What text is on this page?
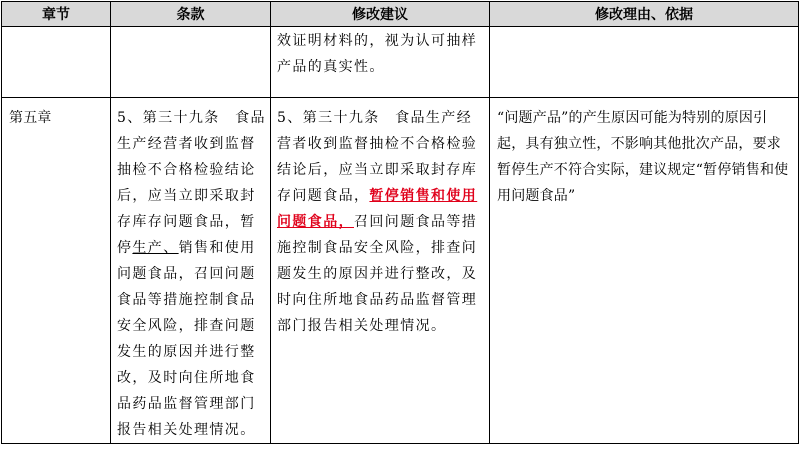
章节	条款	修改建议	修改理由、依据

		效证明材料的，视为认可抽样产品的真实性。	

第五章	5、第三十九条　食品生产经营者收到监督抽检不合格检验结论后，应当立即采取封存库存问题食品，暂停生产、销售和使用问题食品，召回问题食品等措施控制食品安全风险，排查问题发生的原因并进行整改，及时向住所地食品药品监督管理部门报告相关处理情况。	5、第三十九条　食品生产经营者收到监督抽检不合格检验结论后，应当立即采取封存库存问题食品，暂停销售和使用问题食品，召回问题食品等措施控制食品安全风险，排查问题发生的原因并进行整改，及时向住所地食品药品监督管理部门报告相关处理情况。	“问题产品”的产生原因可能为特别的原因引起，具有独立性，不影响其他批次产品，要求暂停生产不符合实际，建议规定“暂停销售和使用问题食品”
